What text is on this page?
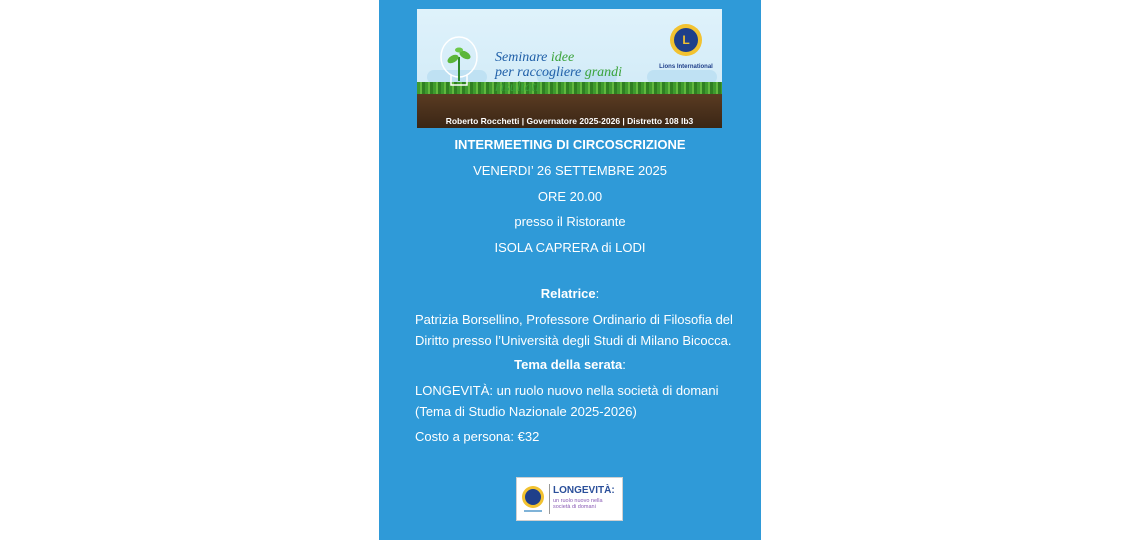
Seminare idee
per raccogliere grandi risultati
L
Lions International
Roberto Rocchetti | Governatore 2025-2026 | Distretto 108 Ib3
INTERMEETING DI CIRCOSCRIZIONE
VENERDI’ 26 SETTEMBRE 2025
ORE 20.00
presso il Ristorante
ISOLA CAPRERA di LODI
Relatrice:
Patrizia Borsellino, Professore Ordinario di Filosofia del
Diritto presso l’Università degli Studi di Milano Bicocca.
Tema della serata:
LONGEVITÀ: un ruolo nuovo nella società di domani
(Tema di Studio Nazionale 2025-2026)
Costo a persona: €32
LONGEVITÀ:
un ruolo nuovo nella società di domani
